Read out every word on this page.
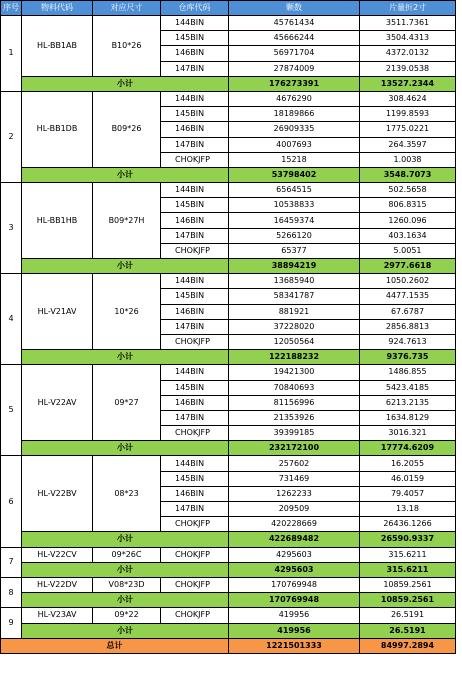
序号	物料代码	对应尺寸	仓库代码	颗数	片量折2寸
1	HL-BB1AB	B10*26	144BIN	45761434	3511.7361
			145BIN	45666244	3504.4313
			146BIN	56971704	4372.0132
			147BIN	27874009	2139.0538
	小计			176273391	13527.2344
2	HL-BB1DB	B09*26	144BIN	4676290	308.4624
			145BIN	18189866	1199.8593
			146BIN	26909335	1775.0221
			147BIN	4007693	264.3597
			CHOKJFP	15218	1.0038
	小计			53798402	3548.7073
3	HL-BB1HB	B09*27H	144BIN	6564515	502.5658
			145BIN	10538833	806.8315
			146BIN	16459374	1260.096
			147BIN	5266120	403.1634
			CHOKJFP	65377	5.0051
	小计			38894219	2977.6618
4	HL-V21AV	10*26	144BIN	13685940	1050.2602
			145BIN	58341787	4477.1535
			146BIN	881921	67.6787
			147BIN	37228020	2856.8813
			CHOKJFP	12050564	924.7613
	小计			122188232	9376.735
5	HL-V22AV	09*27	144BIN	19421300	1486.855
			145BIN	70840693	5423.4185
			146BIN	81156996	6213.2135
			147BIN	21353926	1634.8129
			CHOKJFP	39399185	3016.321
	小计			232172100	17774.6209
6	HL-V22BV	08*23	144BIN	257602	16.2055
			145BIN	731469	46.0159
			146BIN	1262233	79.4057
			147BIN	209509	13.18
			CHOKJFP	420228669	26436.1266
	小计			422689482	26590.9337
7	HL-V22CV	09*26C	CHOKJFP	4295603	315.6211
	小计			4295603	315.6211
8	HL-V22DV	V08*23D	CHOKJFP	170769948	10859.2561
	小计			170769948	10859.2561
9	HL-V23AV	09*22	CHOKJFP	419956	26.5191
	小计			419956	26.5191
总计				1221501333	84997.2894
